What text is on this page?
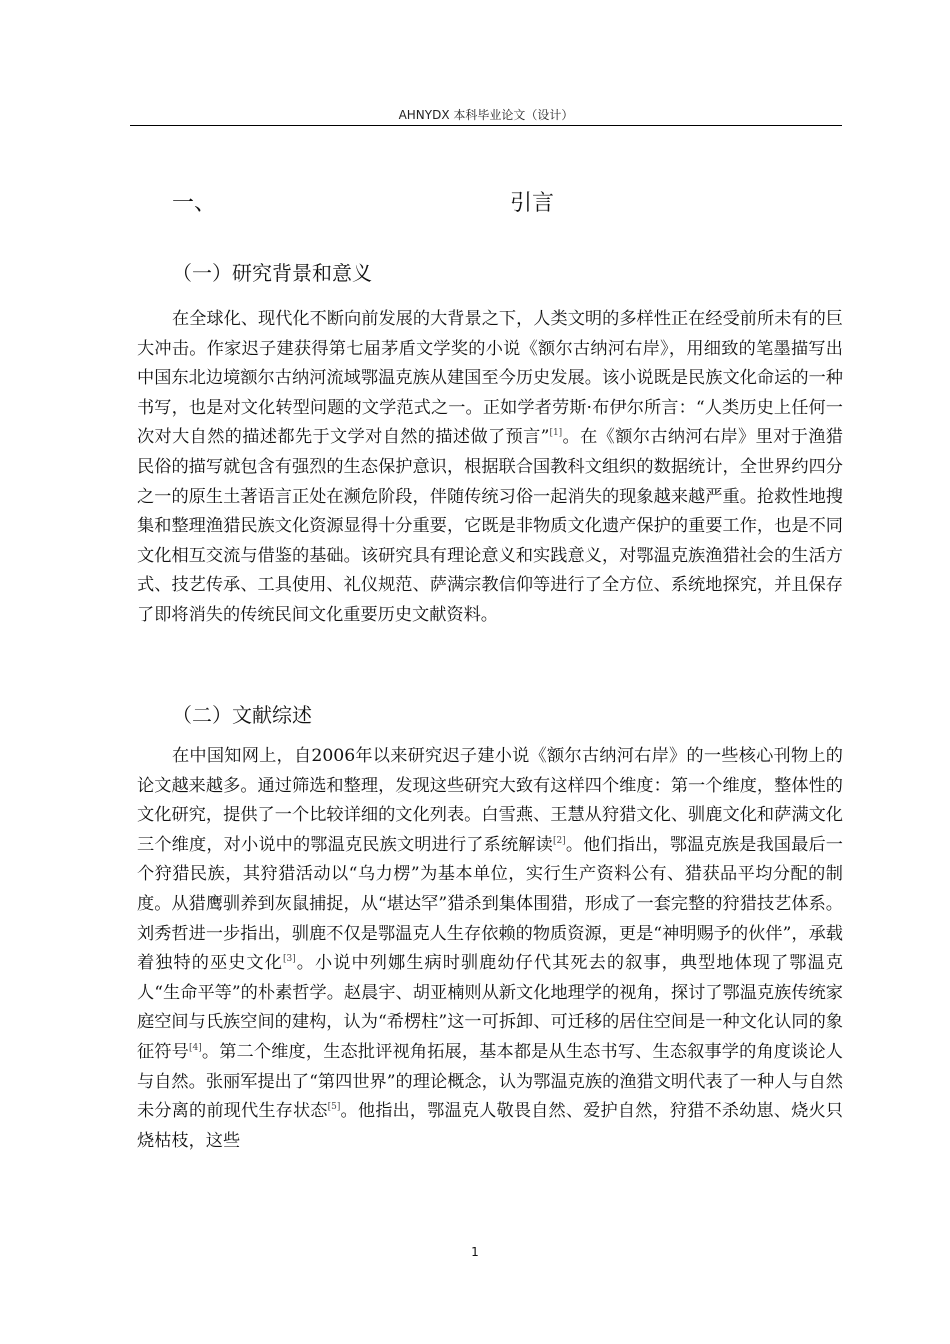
AHNYDX 本科毕业论文（设计）
一、	引言
（一）研究背景和意义

在全球化、现代化不断向前发展的大背景之下，人类文明的多样性正在经受前所未有的巨大冲击。作家迟子建获得第七届茅盾文学奖的小说《额尔古纳河右岸》，用细致的笔墨描写出中国东北边境额尔古纳河流域鄂温克族从建国至今历史发展。该小说既是民族文化命运的一种书写，也是对文化转型问题的文学范式之一。正如学者劳斯·布伊尔所言：“人类历史上任何一次对大自然的描述都先于文学对自然的描述做了预言”[1]。在《额尔古纳河右岸》里对于渔猎民俗的描写就包含有强烈的生态保护意识，根据联合国教科文组织的数据统计，全世界约四分之一的原生土著语言正处在濒危阶段，伴随传统习俗一起消失的现象越来越严重。抢救性地搜集和整理渔猎民族文化资源显得十分重要，它既是非物质文化遗产保护的重要工作，也是不同文化相互交流与借鉴的基础。该研究具有理论意义和实践意义，对鄂温克族渔猎社会的生活方式、技艺传承、工具使用、礼仪规范、萨满宗教信仰等进行了全方位、系统地探究，并且保存了即将消失的传统民间文化重要历史文献资料。

（二）文献综述

在中国知网上，自2006年以来研究迟子建小说《额尔古纳河右岸》的一些核心刊物上的论文越来越多。通过筛选和整理，发现这些研究大致有这样四个维度：第一个维度，整体性的文化研究，提供了一个比较详细的文化列表。白雪燕、王慧从狩猎文化、驯鹿文化和萨满文化三个维度，对小说中的鄂温克民族文明进行了系统解读[2]。他们指出，鄂温克族是我国最后一个狩猎民族，其狩猎活动以“乌力楞”为基本单位，实行生产资料公有、猎获品平均分配的制度。从猎鹰驯养到灰鼠捕捉，从“堪达罕”猎杀到集体围猎，形成了一套完整的狩猎技艺体系。刘秀哲进一步指出，驯鹿不仅是鄂温克人生存依赖的物质资源，更是“神明赐予的伙伴”，承载着独特的巫史文化[3]。小说中列娜生病时驯鹿幼仔代其死去的叙事，典型地体现了鄂温克人“生命平等”的朴素哲学。赵晨宇、胡亚楠则从新文化地理学的视角，探讨了鄂温克族传统家庭空间与氏族空间的建构，认为“希楞柱”这一可拆卸、可迁移的居住空间是一种文化认同的象征符号[4]。第二个维度，生态批评视角拓展，基本都是从生态书写、生态叙事学的角度谈论人与自然。张丽军提出了“第四世界”的理论概念，认为鄂温克族的渔猎文明代表了一种人与自然未分离的前现代生存状态[5]。他指出，鄂温克人敬畏自然、爱护自然，狩猎不杀幼崽、烧火只烧枯枝，这些

1
